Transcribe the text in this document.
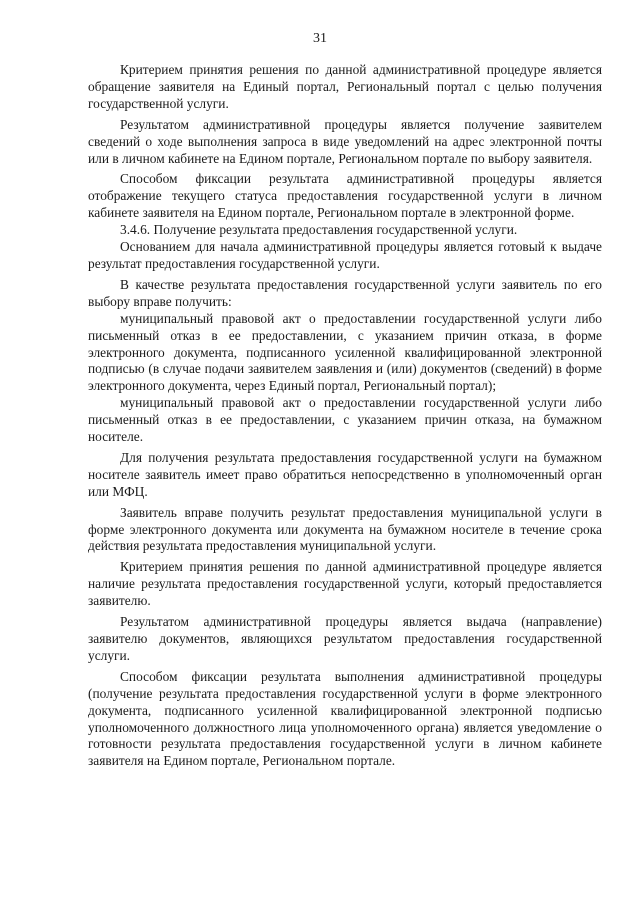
31

Критерием принятия решения по данной административной процедуре является обращение заявителя на Единый портал, Региональный портал с целью получения государственной услуги.

Результатом административной процедуры является получение заявителем сведений о ходе выполнения запроса в виде уведомлений на адрес электронной почты или в личном кабинете на Едином портале, Региональном портале по выбору заявителя.

Способом фиксации результата административной процедуры является отображение текущего статуса предоставления государственной услуги в личном кабинете заявителя на Едином портале, Региональном портале в электронной форме.

3.4.6. Получение результата предоставления государственной услуги.

Основанием для начала административной процедуры является готовый к выдаче результат предоставления государственной услуги.

В качестве результата предоставления государственной услуги заявитель по его выбору вправе получить:

муниципальный правовой акт о предоставлении государственной услуги либо письменный отказ в ее предоставлении, с указанием причин отказа, в форме электронного документа, подписанного усиленной квалифицированной электронной подписью (в случае подачи заявителем заявления и (или) документов (сведений) в форме электронного документа, через Единый портал, Региональный портал);

муниципальный правовой акт о предоставлении государственной услуги либо письменный отказ в ее предоставлении, с указанием причин отказа, на бумажном носителе.

Для получения результата предоставления государственной услуги на бумажном носителе заявитель имеет право обратиться непосредственно в уполномоченный орган или МФЦ.

Заявитель вправе получить результат предоставления муниципальной услуги в форме электронного документа или документа на бумажном носителе в течение срока действия результата предоставления муниципальной услуги.

Критерием принятия решения по данной административной процедуре является наличие результата предоставления государственной услуги, который предоставляется заявителю.

Результатом административной процедуры является выдача (направление) заявителю документов, являющихся результатом предоставления государственной услуги.

Способом фиксации результата выполнения административной процедуры (получение результата предоставления государственной услуги в форме электронного документа, подписанного усиленной квалифицированной электронной подписью уполномоченного должностного лица уполномоченного органа) является уведомление о готовности результата предоставления государственной услуги в личном кабинете заявителя на Едином портале, Региональном портале.
